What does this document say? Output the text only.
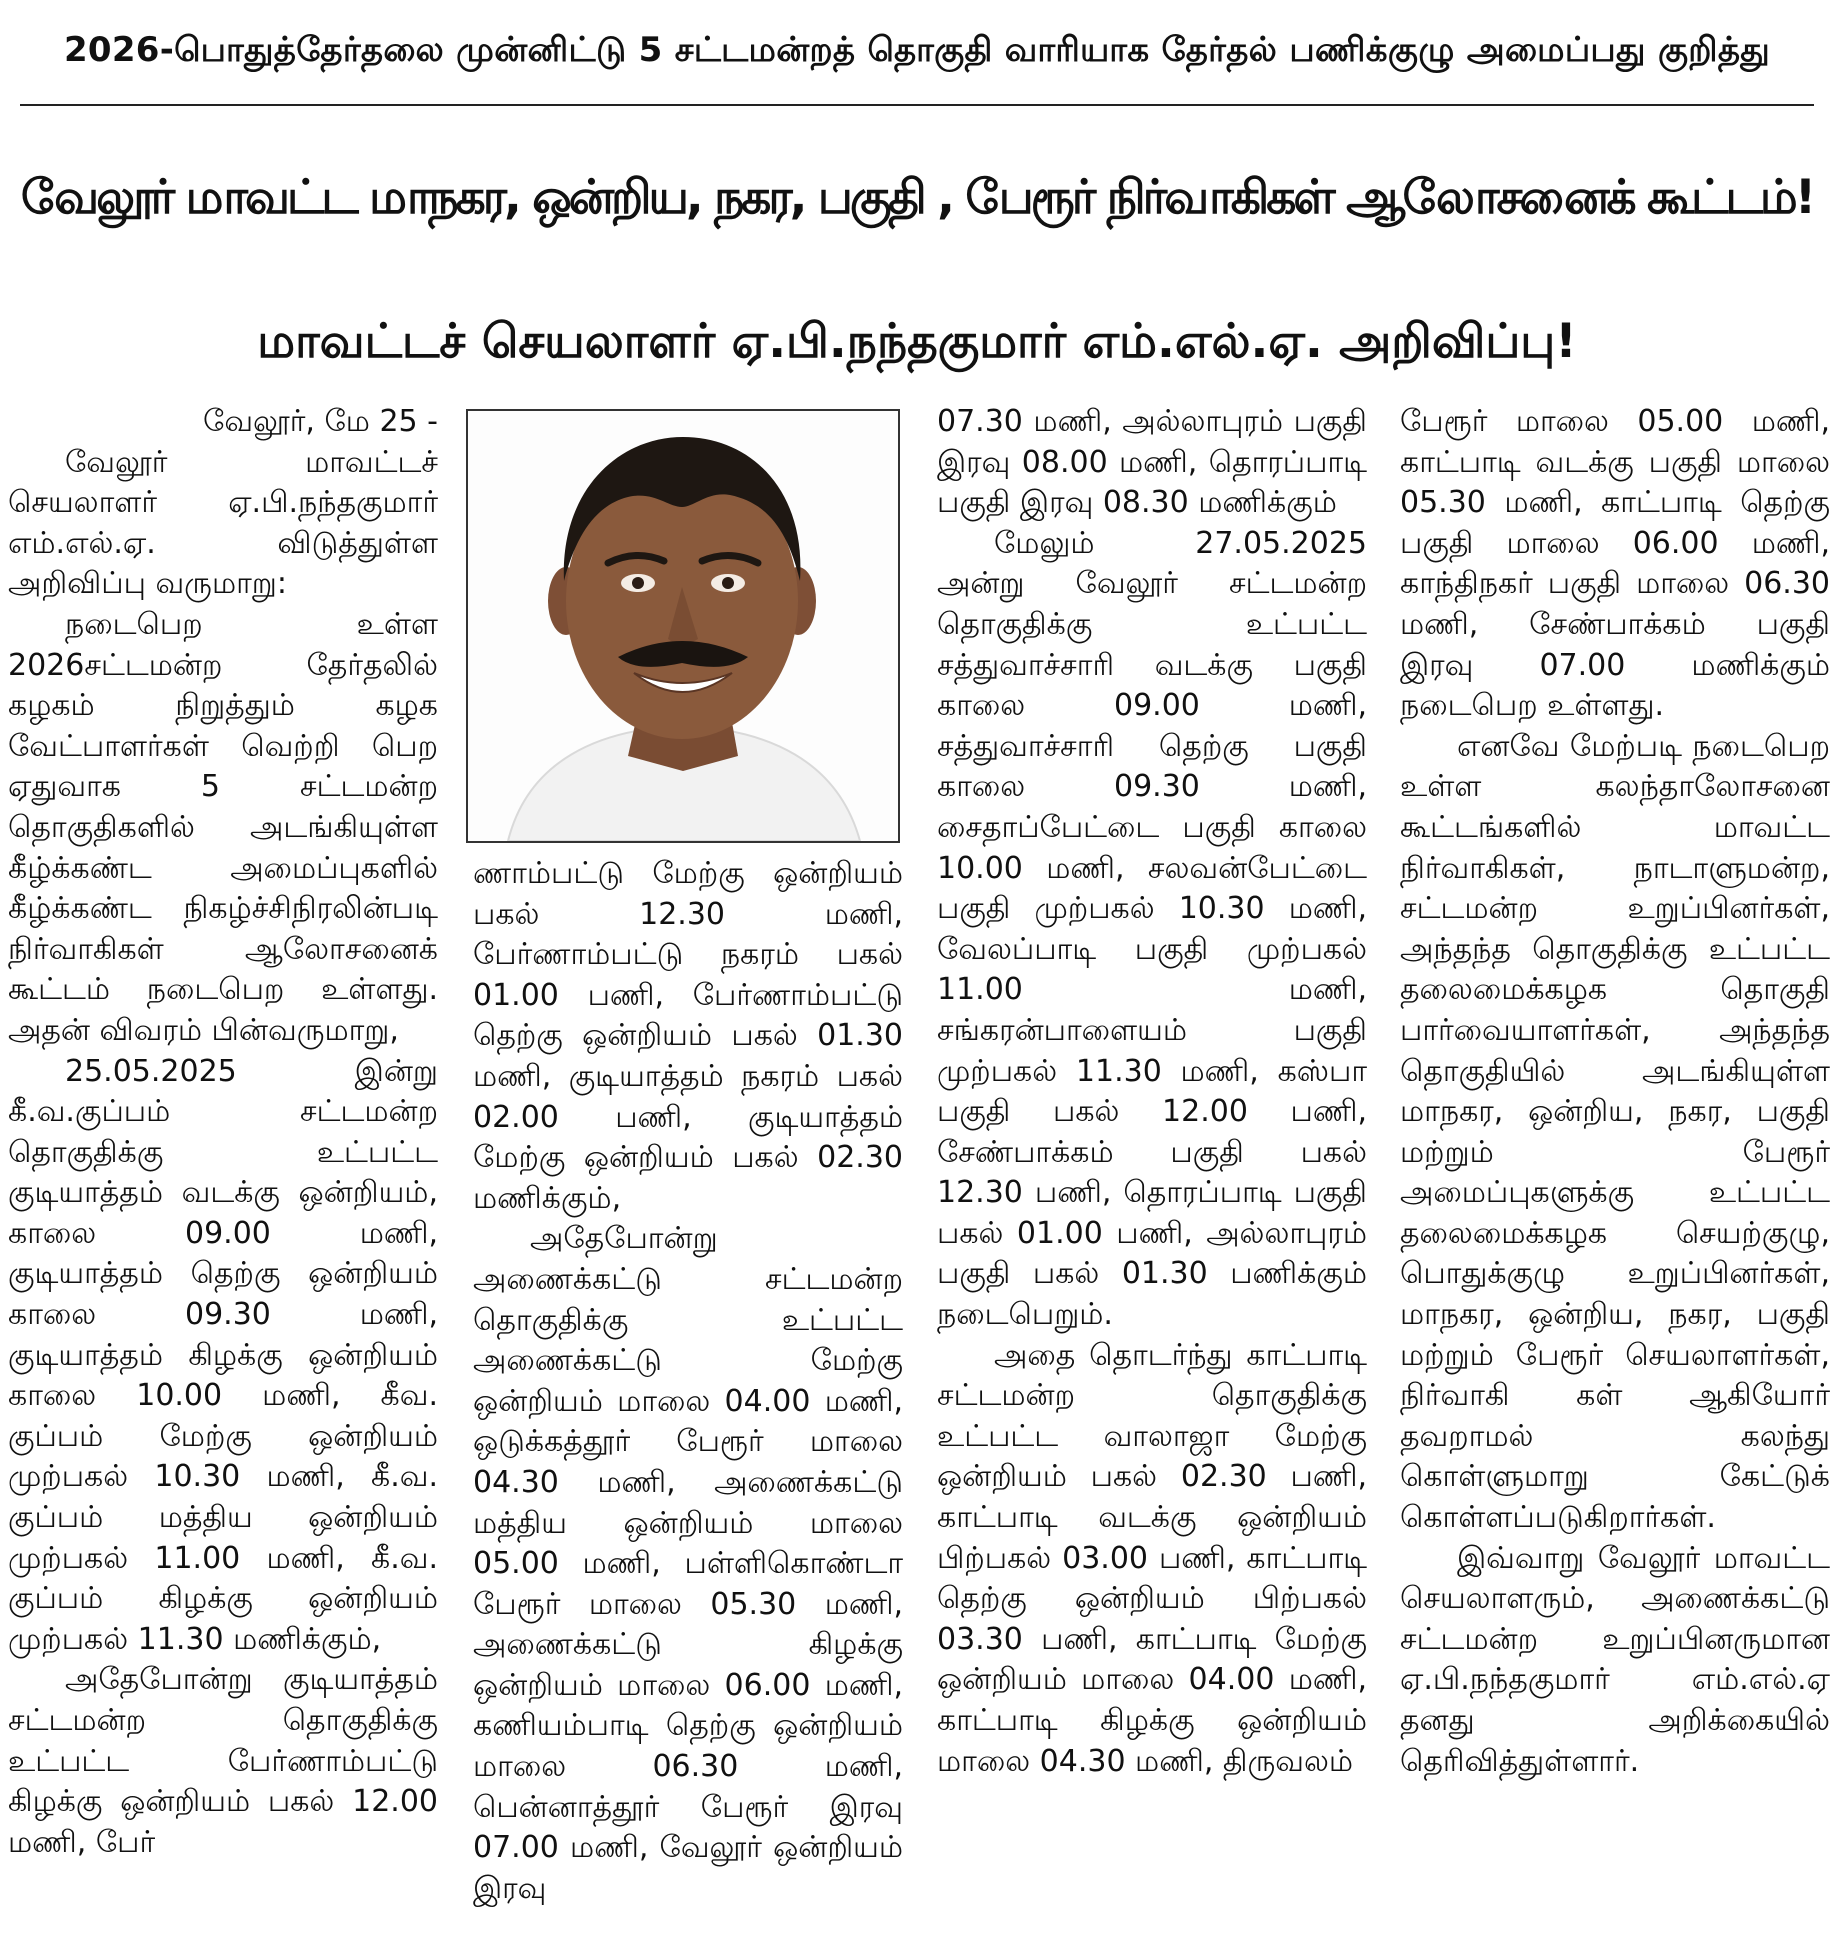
2026-பொதுத்தேர்தலை முன்னிட்டு 5 சட்டமன்றத் தொகுதி வாரியாக தேர்தல் பணிக்குழு அமைப்பது குறித்து
வேலூர் மாவட்ட மாநகர, ஒன்றிய, நகர, பகுதி , பேரூர் நிர்வாகிகள் ஆலோசனைக் கூட்டம்!
மாவட்டச் செயலாளர் ஏ.பி.நந்தகுமார் எம்.எல்.ஏ. அறிவிப்பு!

வேலூர், மே 25 -

வேலூர் மாவட்டச் செயலாளர் ஏ.பி.நந்தகுமார் எம்.எல்.ஏ. விடுத்துள்ள அறிவிப்பு வருமாறு:

நடைபெற உள்ள 2026சட்டமன்ற தேர்தலில் கழகம் நிறுத்தும் கழக வேட்பாளர்கள் வெற்றி பெற ஏதுவாக 5 சட்டமன்ற தொகுதிகளில் அடங்கியுள்ள கீழ்க்கண்ட அமைப்புகளில் கீழ்க்கண்ட நிகழ்ச்சிநிரலின்படி நிர்வாகிகள் ஆலோசனைக் கூட்டம் நடைபெற உள்ளது. அதன் விவரம் பின்வருமாறு,

25.05.2025 இன்று கீ.வ.குப்பம் சட்டமன்ற தொகுதிக்கு உட்பட்ட குடியாத்தம் வடக்கு ஒன்றியம், காலை 09.00 மணி, குடியாத்தம் தெற்கு ஒன்றியம் காலை 09.30 மணி, குடியாத்தம் கிழக்கு ஒன்றியம் காலை 10.00 மணி, கீவ. குப்பம் மேற்கு ஒன்றியம் முற்பகல் 10.30 மணி, கீ.வ. குப்பம் மத்திய ஒன்றியம் முற்பகல் 11.00 மணி, கீ.வ. குப்பம் கிழக்கு ஒன்றியம் முற்பகல் 11.30 மணிக்கும்,

அதேபோன்று குடியாத்தம் சட்டமன்ற தொகுதிக்கு உட்பட்ட பேர்ணாம்பட்டு கிழக்கு ஒன்றியம் பகல் 12.00 மணி, பேர்

ணாம்பட்டு மேற்கு ஒன்றியம் பகல் 12.30 மணி, பேர்ணாம்பட்டு நகரம் பகல் 01.00 பணி, பேர்ணாம்பட்டு தெற்கு ஒன்றியம் பகல் 01.30 மணி, குடியாத்தம் நகரம் பகல் 02.00 பணி, குடியாத்தம் மேற்கு ஒன்றியம் பகல் 02.30 மணிக்கும்,

அதேபோன்று அணைக்கட்டு சட்டமன்ற தொகுதிக்கு உட்பட்ட அணைக்கட்டு மேற்கு ஒன்றியம் மாலை 04.00 மணி, ஒடுக்கத்தூர் பேரூர் மாலை 04.30 மணி, அணைக்கட்டு மத்திய ஒன்றியம் மாலை 05.00 மணி, பள்ளிகொண்டா பேரூர் மாலை 05.30 மணி, அணைக்கட்டு கிழக்கு ஒன்றியம் மாலை 06.00 மணி, கணியம்பாடி தெற்கு ஒன்றியம் மாலை 06.30 மணி, பென்னாத்தூர் பேரூர் இரவு 07.00 மணி, வேலூர் ஒன்றியம் இரவு

07.30 மணி, அல்லாபுரம் பகுதி இரவு 08.00 மணி, தொரப்பாடி பகுதி இரவு 08.30 மணிக்கும்

மேலும் 27.05.2025 அன்று வேலூர் சட்டமன்ற தொகுதிக்கு உட்பட்ட சத்துவாச்சாரி வடக்கு பகுதி காலை 09.00 மணி, சத்துவாச்சாரி தெற்கு பகுதி காலை 09.30 மணி, சைதாப்பேட்டை பகுதி காலை 10.00 மணி, சலவன்பேட்டை பகுதி முற்பகல் 10.30 மணி, வேலப்பாடி பகுதி முற்பகல் 11.00 மணி, சங்கரன்பாளையம் பகுதி முற்பகல் 11.30 மணி, கஸ்பா பகுதி பகல் 12.00 பணி, சேண்பாக்கம் பகுதி பகல் 12.30 பணி, தொரப்பாடி பகுதி பகல் 01.00 பணி, அல்லாபுரம் பகுதி பகல் 01.30 பணிக்கும் நடைபெறும்.

அதை தொடர்ந்து காட்பாடி சட்டமன்ற தொகுதிக்கு உட்பட்ட வாலாஜா மேற்கு ஒன்றியம் பகல் 02.30 பணி, காட்பாடி வடக்கு ஒன்றியம் பிற்பகல் 03.00 பணி, காட்பாடி தெற்கு ஒன்றியம் பிற்பகல் 03.30 பணி, காட்பாடி மேற்கு ஒன்றியம் மாலை 04.00 மணி, காட்பாடி கிழக்கு ஒன்றியம் மாலை 04.30 மணி, திருவலம்

பேரூர் மாலை 05.00 மணி, காட்பாடி வடக்கு பகுதி மாலை 05.30 மணி, காட்பாடி தெற்கு பகுதி மாலை 06.00 மணி, காந்திநகர் பகுதி மாலை 06.30 மணி, சேண்பாக்கம் பகுதி இரவு 07.00 மணிக்கும் நடைபெற உள்ளது.

எனவே மேற்படி நடைபெற உள்ள கலந்தாலோசனை கூட்டங்களில் மாவட்ட நிர்வாகிகள், நாடாளுமன்ற, சட்டமன்ற உறுப்பினர்கள், அந்தந்த தொகுதிக்கு உட்பட்ட தலைமைக்கழக தொகுதி பார்வையாளர்கள், அந்தந்த தொகுதியில் அடங்கியுள்ள மாநகர, ஒன்றிய, நகர, பகுதி மற்றும் பேரூர் அமைப்புகளுக்கு உட்பட்ட தலைமைக்கழக செயற்குழு, பொதுக்குழு உறுப்பினர்கள், மாநகர, ஒன்றிய, நகர, பகுதி மற்றும் பேரூர் செயலாளர்கள், நிர்வாகி கள் ஆகியோர் தவறாமல் கலந்து கொள்ளுமாறு கேட்டுக் கொள்ளப்படுகிறார்கள்.

இவ்வாறு வேலூர் மாவட்ட செயலாளரும், அணைக்கட்டு சட்டமன்ற உறுப்பினருமான ஏ.பி.நந்தகுமார் எம்.எல்.ஏ தனது அறிக்கையில் தெரிவித்துள்ளார்.
